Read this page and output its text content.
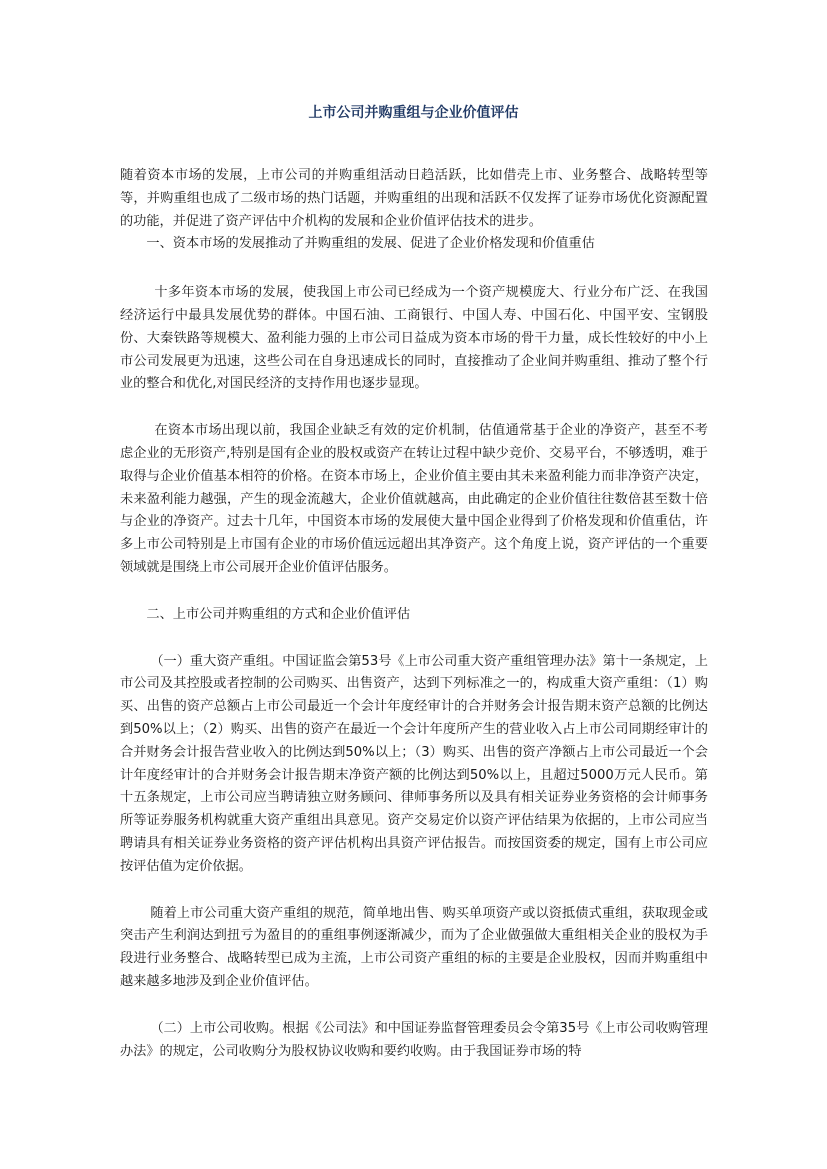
上市公司并购重组与企业价值评估

随着资本市场的发展，上市公司的并购重组活动日趋活跃，比如借壳上市、业务整合、战略转型等等，并购重组也成了二级市场的热门话题，并购重组的出现和活跃不仅发挥了证券市场优化资源配置的功能，并促进了资产评估中介机构的发展和企业价值评估技术的进步。

一、资本市场的发展推动了并购重组的发展、促进了企业价格发现和价值重估

十多年资本市场的发展，使我国上市公司已经成为一个资产规模庞大、行业分布广泛、在我国经济运行中最具发展优势的群体。中国石油、工商银行、中国人寿、中国石化、中国平安、宝钢股份、大秦铁路等规模大、盈利能力强的上市公司日益成为资本市场的骨干力量，成长性较好的中小上市公司发展更为迅速，这些公司在自身迅速成长的同时，直接推动了企业间并购重组、推动了整个行业的整合和优化,对国民经济的支持作用也逐步显现。

在资本市场出现以前，我国企业缺乏有效的定价机制，估值通常基于企业的净资产，甚至不考虑企业的无形资产,特别是国有企业的股权或资产在转让过程中缺少竞价、交易平台，不够透明，难于取得与企业价值基本相符的价格。在资本市场上，企业价值主要由其未来盈利能力而非净资产决定，未来盈利能力越强，产生的现金流越大，企业价值就越高，由此确定的企业价值往往数倍甚至数十倍与企业的净资产。过去十几年，中国资本市场的发展使大量中国企业得到了价格发现和价值重估，许多上市公司特别是上市国有企业的市场价值远远超出其净资产。这个角度上说，资产评估的一个重要领域就是围绕上市公司展开企业价值评估服务。

二、上市公司并购重组的方式和企业价值评估

（一）重大资产重组。中国证监会第53号《上市公司重大资产重组管理办法》第十一条规定，上市公司及其控股或者控制的公司购买、出售资产，达到下列标准之一的，构成重大资产重组：（1）购买、出售的资产总额占上市公司最近一个会计年度经审计的合并财务会计报告期末资产总额的比例达到50%以上；（2）购买、出售的资产在最近一个会计年度所产生的营业收入占上市公司同期经审计的合并财务会计报告营业收入的比例达到50%以上；（3）购买、出售的资产净额占上市公司最近一个会计年度经审计的合并财务会计报告期末净资产额的比例达到50%以上，且超过5000万元人民币。第十五条规定，上市公司应当聘请独立财务顾问、律师事务所以及具有相关证券业务资格的会计师事务所等证券服务机构就重大资产重组出具意见。资产交易定价以资产评估结果为依据的，上市公司应当聘请具有相关证券业务资格的资产评估机构出具资产评估报告。而按国资委的规定，国有上市公司应按评估值为定价依据。

随着上市公司重大资产重组的规范，简单地出售、购买单项资产或以资抵债式重组，获取现金或突击产生利润达到扭亏为盈目的的重组事例逐渐减少，而为了企业做强做大重组相关企业的股权为手段进行业务整合、战略转型已成为主流，上市公司资产重组的标的主要是企业股权，因而并购重组中越来越多地涉及到企业价值评估。

（二）上市公司收购。根据《公司法》和中国证券监督管理委员会令第35号《上市公司收购管理办法》的规定，公司收购分为股权协议收购和要约收购。由于我国证券市场的特
